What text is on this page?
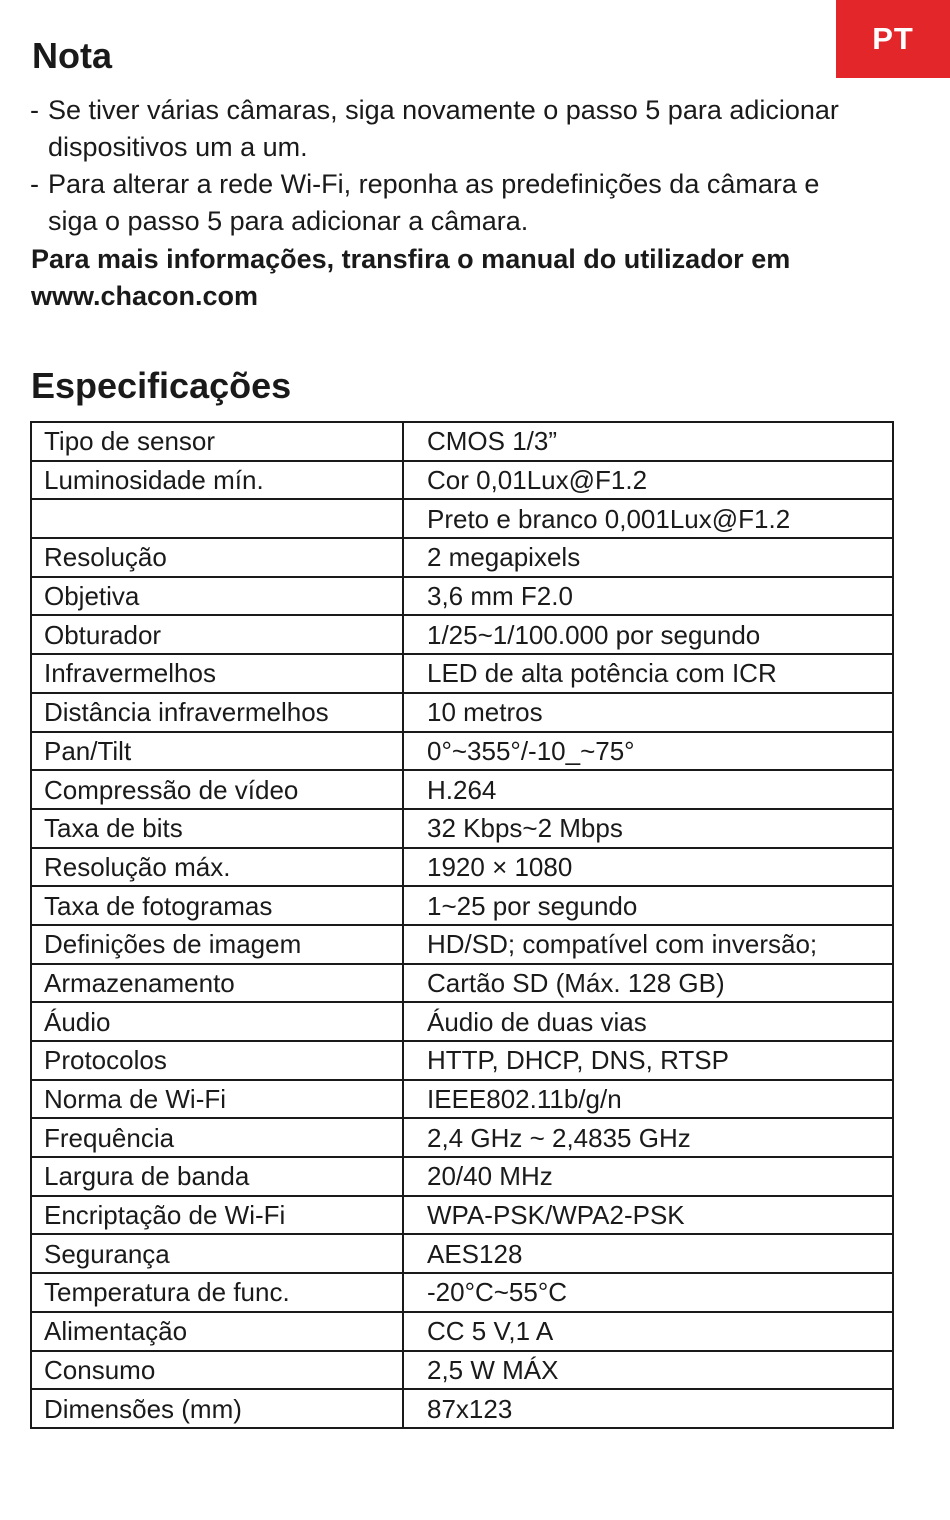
PT
Nota
- Se tiver várias câmaras, siga novamente o passo 5 para adicionar dispositivos um a um.
- Para alterar a rede Wi-Fi, reponha as predefinições da câmara e siga o passo 5 para adicionar a câmara.
Para mais informações, transfira o manual do utilizador em www.chacon.com
Especificações
Tipo de sensor	CMOS 1/3”
Luminosidade mín.	Cor 0,01Lux@F1.2
	Preto e branco 0,001Lux@F1.2
Resolução	2 megapixels
Objetiva	3,6 mm F2.0
Obturador	1/25~1/100.000 por segundo
Infravermelhos	LED de alta potência com ICR
Distância infravermelhos	10 metros
Pan/Tilt	0°~355°/-10_~75°
Compressão de vídeo	H.264
Taxa de bits	32 Kbps~2 Mbps
Resolução máx.	1920 × 1080
Taxa de fotogramas	1~25 por segundo
Definições de imagem	HD/SD; compatível com inversão;
Armazenamento	Cartão SD (Máx. 128 GB)
Áudio	Áudio de duas vias
Protocolos	HTTP, DHCP, DNS, RTSP
Norma de Wi-Fi	IEEE802.11b/g/n
Frequência	2,4 GHz ~ 2,4835 GHz
Largura de banda	20/40 MHz
Encriptação de Wi-Fi	WPA-PSK/WPA2-PSK
Segurança	AES128
Temperatura de func.	-20°C~55°C
Alimentação	CC 5 V,1 A
Consumo	2,5 W MÁX
Dimensões (mm)	87x123
